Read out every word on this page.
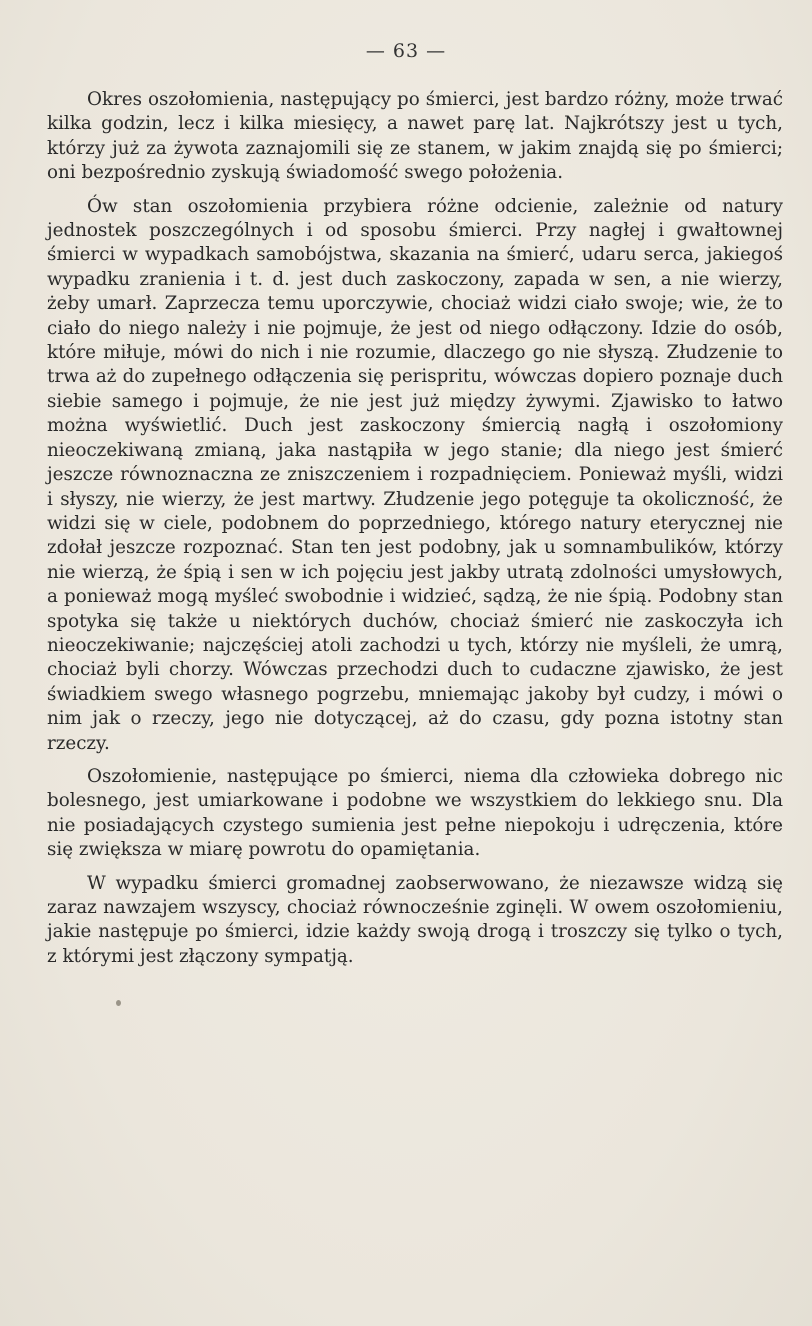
— 63 —

Okres oszołomienia, następujący po śmierci, jest bardzo różny, może trwać kilka godzin, lecz i kilka miesięcy, a nawet parę lat. Najkrótszy jest u tych, którzy już za żywota zaznajomili się ze stanem, w jakim znajdą się po śmierci; oni bezpośrednio zyskują świadomość swego położenia.

Ów stan oszołomienia przybiera różne odcienie, zależnie od natury jednostek poszczególnych i od sposobu śmierci. Przy nagłej i gwałtownej śmierci w wypadkach samobójstwa, skazania na śmierć, udaru serca, jakiegoś wypadku zranienia i t. d. jest duch zaskoczony, zapada w sen, a nie wierzy, żeby umarł. Zaprzecza temu uporczywie, chociaż widzi ciało swoje; wie, że to ciało do niego należy i nie pojmuje, że jest od niego odłączony. Idzie do osób, które miłuje, mówi do nich i nie rozumie, dlaczego go nie słyszą. Złudzenie to trwa aż do zupełnego odłączenia się perispritu, wówczas dopiero poznaje duch siebie samego i pojmuje, że nie jest już między żywymi. Zjawisko to łatwo można wyświetlić. Duch jest zaskoczony śmiercią nagłą i oszołomiony nieoczekiwaną zmianą, jaka nastąpiła w jego stanie; dla niego jest śmierć jeszcze równoznaczna ze zniszczeniem i rozpadnięciem. Ponieważ myśli, widzi i słyszy, nie wierzy, że jest martwy. Złudzenie jego potęguje ta okoliczność, że widzi się w ciele, podobnem do poprzedniego, którego natury eterycznej nie zdołał jeszcze rozpoznać. Stan ten jest podobny, jak u somnambulików, którzy nie wierzą, że śpią i sen w ich pojęciu jest jakby utratą zdolności umysłowych, a ponieważ mogą myśleć swobodnie i widzieć, sądzą, że nie śpią. Podobny stan spotyka się także u niektórych duchów, chociaż śmierć nie zaskoczyła ich nieoczekiwanie; najczęściej atoli zachodzi u tych, którzy nie myśleli, że umrą, chociaż byli chorzy. Wówczas przechodzi duch to cudaczne zjawisko, że jest świadkiem swego własnego pogrzebu, mniemając jakoby był cudzy, i mówi o nim jak o rzeczy, jego nie dotyczącej, aż do czasu, gdy pozna istotny stan rzeczy.

Oszołomienie, następujące po śmierci, niema dla człowieka dobrego nic bolesnego, jest umiarkowane i podobne we wszystkiem do lekkiego snu. Dla nie posiadających czystego sumienia jest pełne niepokoju i udręczenia, które się zwiększa w miarę powrotu do opamiętania.

W wypadku śmierci gromadnej zaobserwowano, że niezawsze widzą się zaraz nawzajem wszyscy, chociaż równocześnie zginęli. W owem oszołomieniu, jakie następuje po śmierci, idzie każdy swoją drogą i troszczy się tylko o tych, z którymi jest złączony sympatją.
